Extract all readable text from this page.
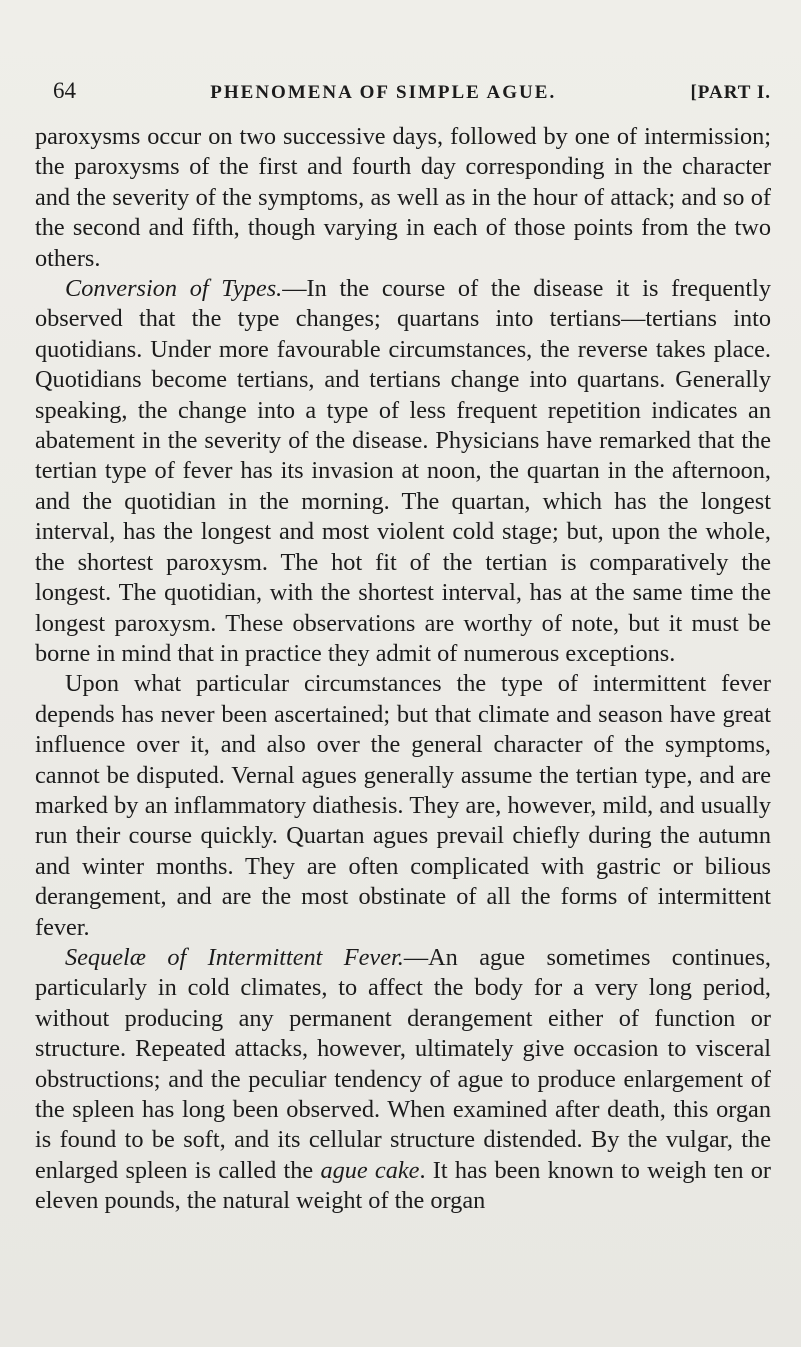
64	PHENOMENA OF SIMPLE AGUE.	[PART I.

paroxysms occur on two successive days, followed by one of intermission; the paroxysms of the first and fourth day corresponding in the character and the severity of the symptoms, as well as in the hour of attack; and so of the second and fifth, though varying in each of those points from the two others.

Conversion of Types.—In the course of the disease it is frequently observed that the type changes; quartans into tertians—tertians into quotidians. Under more favourable circumstances, the reverse takes place. Quotidians become tertians, and tertians change into quartans. Generally speaking, the change into a type of less frequent repetition indicates an abatement in the severity of the disease. Physicians have remarked that the tertian type of fever has its invasion at noon, the quartan in the afternoon, and the quotidian in the morning. The quartan, which has the longest interval, has the longest and most violent cold stage; but, upon the whole, the shortest paroxysm. The hot fit of the tertian is comparatively the longest. The quotidian, with the shortest interval, has at the same time the longest paroxysm. These observations are worthy of note, but it must be borne in mind that in practice they admit of numerous exceptions.

Upon what particular circumstances the type of intermittent fever depends has never been ascertained; but that climate and season have great influence over it, and also over the general character of the symptoms, cannot be disputed. Vernal agues generally assume the tertian type, and are marked by an inflammatory diathesis. They are, however, mild, and usually run their course quickly. Quartan agues prevail chiefly during the autumn and winter months. They are often complicated with gastric or bilious derangement, and are the most obstinate of all the forms of intermittent fever.

Sequelæ of Intermittent Fever.—An ague sometimes continues, particularly in cold climates, to affect the body for a very long period, without producing any permanent derangement either of function or structure. Repeated attacks, however, ultimately give occasion to visceral obstructions; and the peculiar tendency of ague to produce enlargement of the spleen has long been observed. When examined after death, this organ is found to be soft, and its cellular structure distended. By the vulgar, the enlarged spleen is called the ague cake. It has been known to weigh ten or eleven pounds, the natural weight of the organ
